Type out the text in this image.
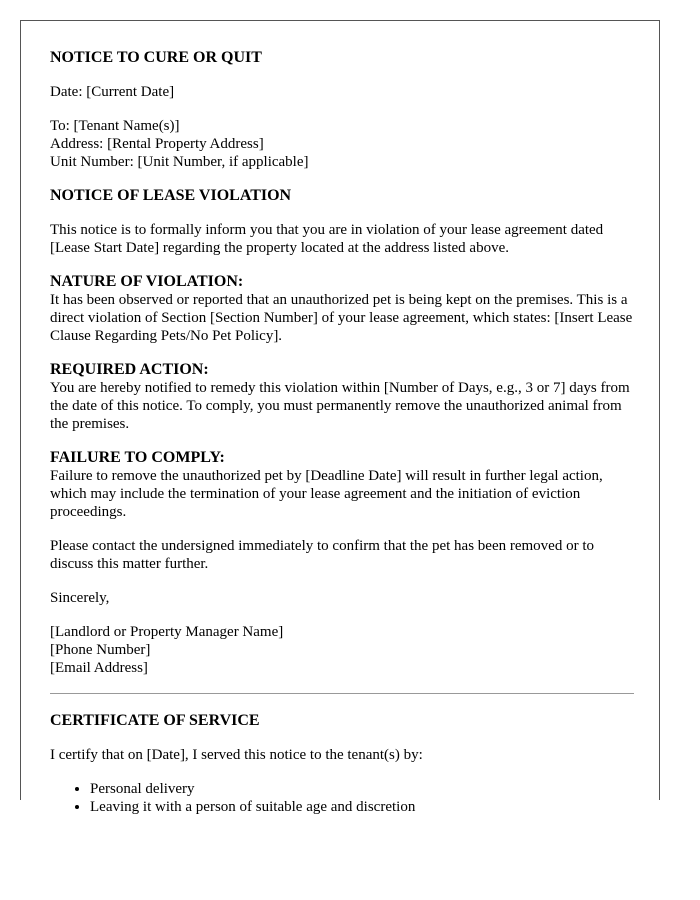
NOTICE TO CURE OR QUIT
Date: [Current Date]
To: [Tenant Name(s)]
Address: [Rental Property Address]
Unit Number: [Unit Number, if applicable]
NOTICE OF LEASE VIOLATION
This notice is to formally inform you that you are in violation of your lease agreement dated [Lease Start Date] regarding the property located at the address listed above.
NATURE OF VIOLATION:
It has been observed or reported that an unauthorized pet is being kept on the premises. This is a direct violation of Section [Section Number] of your lease agreement, which states: [Insert Lease Clause Regarding Pets/No Pet Policy].
REQUIRED ACTION:
You are hereby notified to remedy this violation within [Number of Days, e.g., 3 or 7] days from the date of this notice. To comply, you must permanently remove the unauthorized animal from the premises.
FAILURE TO COMPLY:
Failure to remove the unauthorized pet by [Deadline Date] will result in further legal action, which may include the termination of your lease agreement and the initiation of eviction proceedings.
Please contact the undersigned immediately to confirm that the pet has been removed or to discuss this matter further.
Sincerely,
[Landlord or Property Manager Name]
[Phone Number]
[Email Address]
CERTIFICATE OF SERVICE
I certify that on [Date], I served this notice to the tenant(s) by:
• Personal delivery
• Leaving it with a person of suitable age and discretion
